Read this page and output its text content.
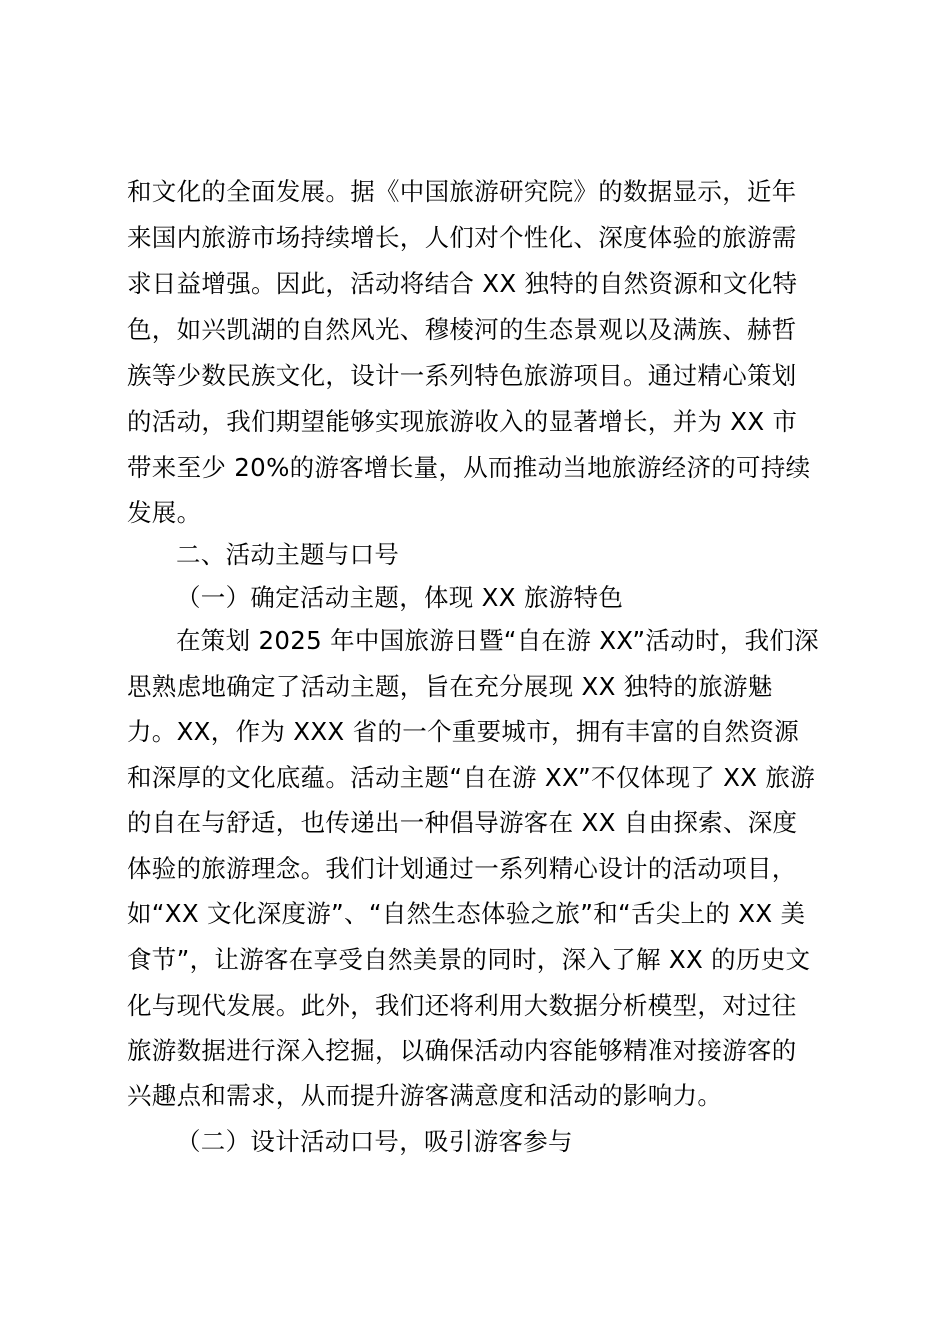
和文化的全面发展。据《中国旅游研究院》的数据显示，近年
来国内旅游市场持续增长，人们对个性化、深度体验的旅游需
求日益增强。因此，活动将结合 XX 独特的自然资源和文化特
色，如兴凯湖的自然风光、穆棱河的生态景观以及满族、赫哲
族等少数民族文化，设计一系列特色旅游项目。通过精心策划
的活动，我们期望能够实现旅游收入的显著增长，并为 XX 市
带来至少 20%的游客增长量，从而推动当地旅游经济的可持续
发展。
二、活动主题与口号
（一）确定活动主题，体现 XX 旅游特色
在策划 2025 年中国旅游日暨“自在游 XX”活动时，我们深
思熟虑地确定了活动主题，旨在充分展现 XX 独特的旅游魅
力。XX，作为 XXX 省的一个重要城市，拥有丰富的自然资源
和深厚的文化底蕴。活动主题“自在游 XX”不仅体现了 XX 旅游
的自在与舒适，也传递出一种倡导游客在 XX 自由探索、深度
体验的旅游理念。我们计划通过一系列精心设计的活动项目，
如“XX 文化深度游”、“自然生态体验之旅”和“舌尖上的 XX 美
食节”，让游客在享受自然美景的同时，深入了解 XX 的历史文
化与现代发展。此外，我们还将利用大数据分析模型，对过往
旅游数据进行深入挖掘，以确保活动内容能够精准对接游客的
兴趣点和需求，从而提升游客满意度和活动的影响力。
（二）设计活动口号，吸引游客参与
